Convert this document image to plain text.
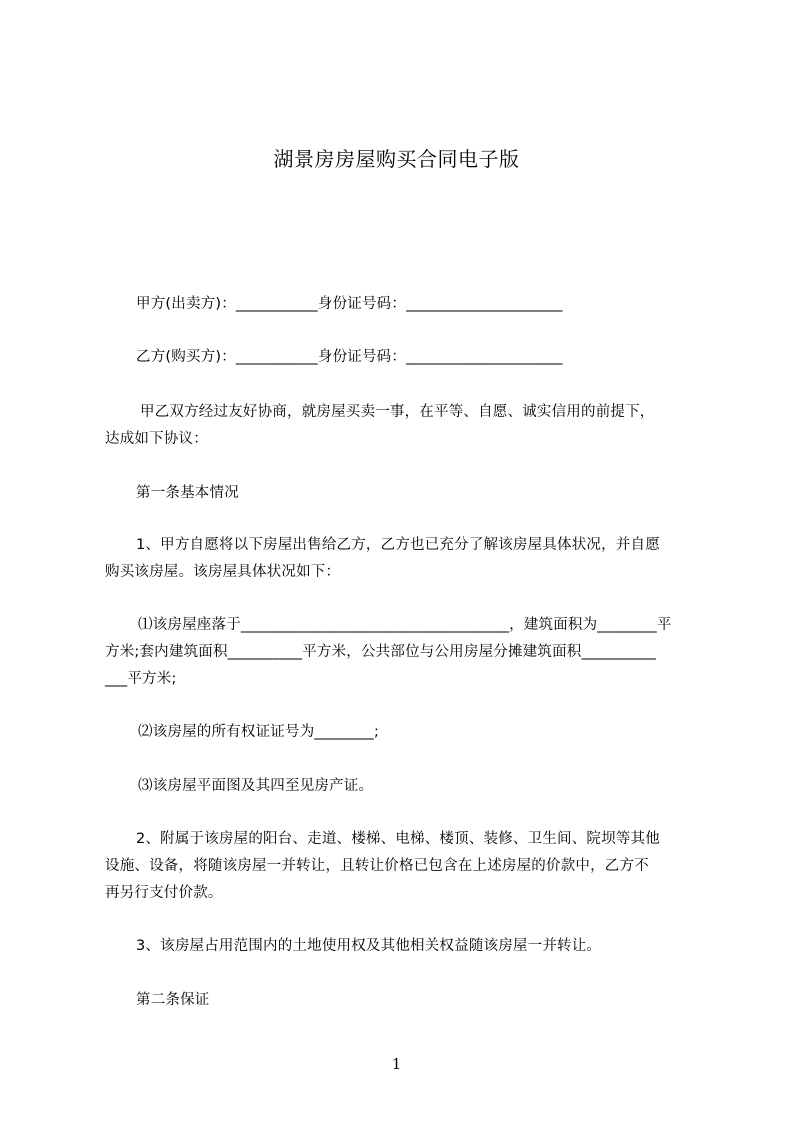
湖景房房屋购买合同电子版
甲方(出卖方)：___________身份证号码：_____________________
乙方(购买方)：___________身份证号码：_____________________
甲乙双方经过友好协商，就房屋买卖一事，在平等、自愿、诚实信用的前提下，
达成如下协议：
第一条基本情况
1、甲方自愿将以下房屋出售给乙方，乙方也已充分了解该房屋具体状况，并自愿
购买该房屋。该房屋具体状况如下：
⑴该房屋座落于____________________________________，建筑面积为________平
方米;套内建筑面积__________平方米，公共部位与公用房屋分摊建筑面积__________
___平方米;
⑵该房屋的所有权证证号为________;
⑶该房屋平面图及其四至见房产证。
2、附属于该房屋的阳台、走道、楼梯、电梯、楼顶、装修、卫生间、院坝等其他
设施、设备，将随该房屋一并转让，且转让价格已包含在上述房屋的价款中，乙方不
再另行支付价款。
3、该房屋占用范围内的土地使用权及其他相关权益随该房屋一并转让。
第二条保证
1
